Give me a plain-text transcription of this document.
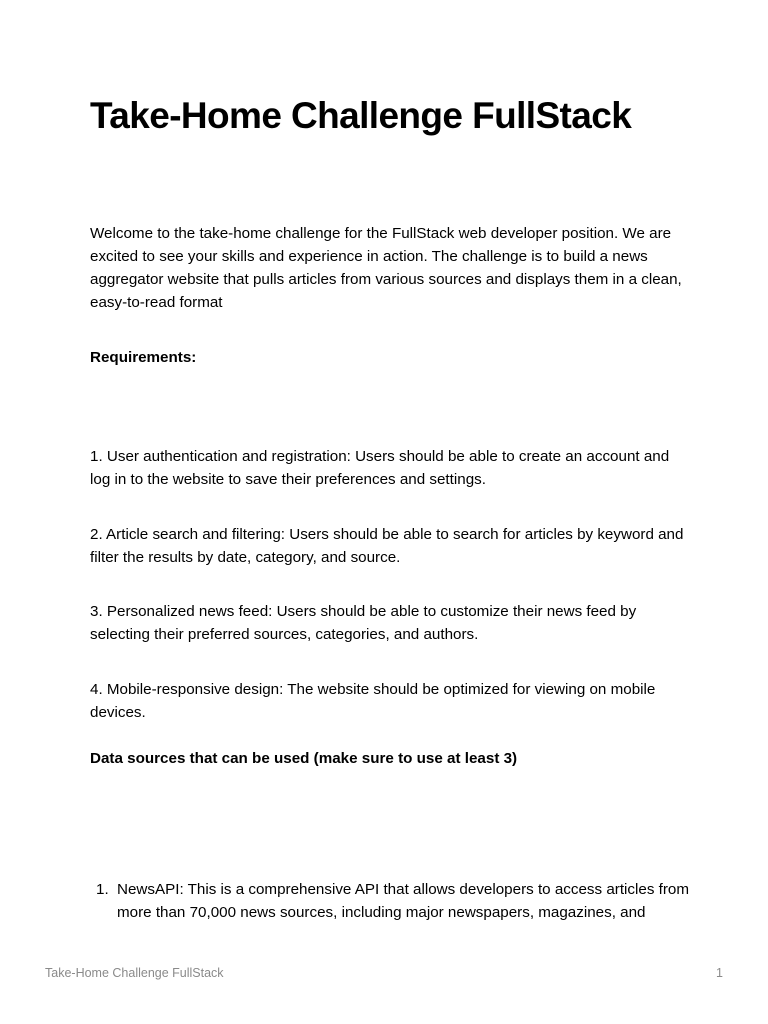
Take-Home Challenge FullStack

Welcome to the take-home challenge for the FullStack web developer position. We are excited to see your skills and experience in action. The challenge is to build a news aggregator website that pulls articles from various sources and displays them in a clean, easy-to-read format

Requirements:

1. User authentication and registration: Users should be able to create an account and log in to the website to save their preferences and settings.

2. Article search and filtering: Users should be able to search for articles by keyword and filter the results by date, category, and source.

3. Personalized news feed: Users should be able to customize their news feed by selecting their preferred sources, categories, and authors.

4. Mobile-responsive design: The website should be optimized for viewing on mobile devices.

Data sources that can be used (make sure to use at least 3)

1. NewsAPI: This is a comprehensive API that allows developers to access articles from more than 70,000 news sources, including major newspapers, magazines, and
Take-Home Challenge FullStack	1
